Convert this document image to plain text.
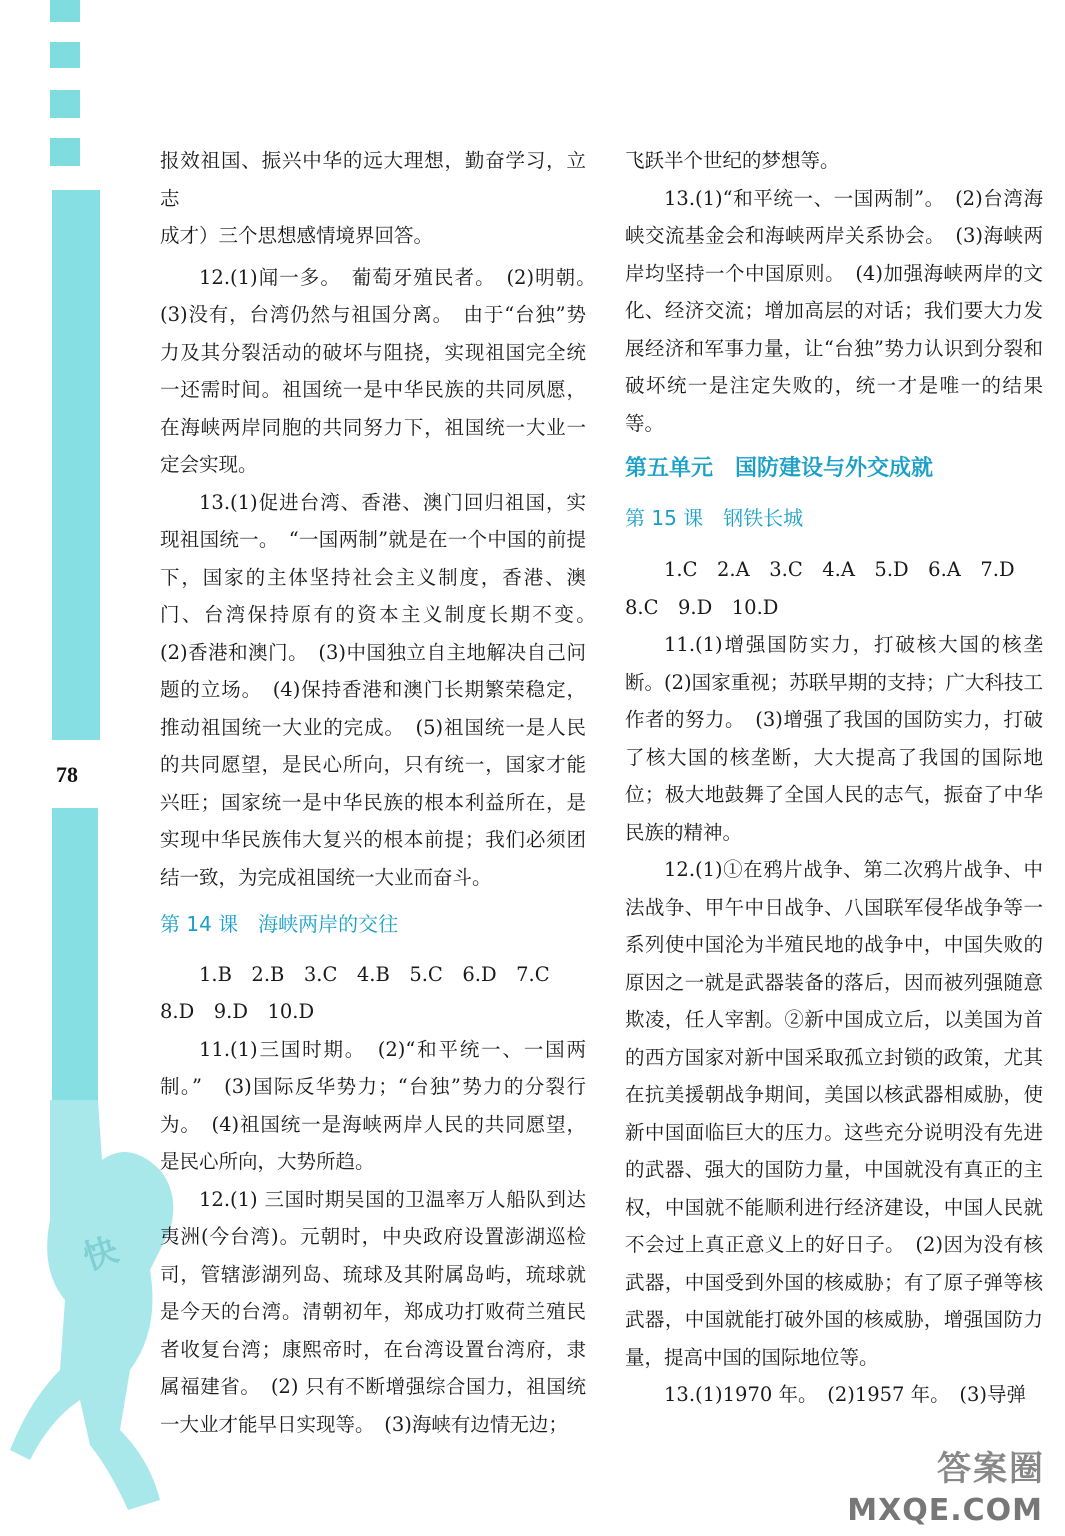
快
78

报效祖国、振兴中华的远大理想，勤奋学习，立志

成才）三个思想感情境界回答。

12.(1)闻一多。　葡萄牙殖民者。　(2)明朝。　(3)没有，台湾仍然与祖国分离。　由于“台独”势力及其分裂活动的破坏与阻挠，实现祖国完全统一还需时间。祖国统一是中华民族的共同夙愿，在海峡两岸同胞的共同努力下，祖国统一大业一定会实现。

13.(1)促进台湾、香港、澳门回归祖国，实现祖国统一。　“一国两制”就是在一个中国的前提下，国家的主体坚持社会主义制度，香港、澳门、台湾保持原有的资本主义制度长期不变。　(2)香港和澳门。　(3)中国独立自主地解决自己问题的立场。　(4)保持香港和澳门长期繁荣稳定，推动祖国统一大业的完成。　(5)祖国统一是人民的共同愿望，是民心所向，只有统一，国家才能兴旺；国家统一是中华民族的根本利益所在，是实现中华民族伟大复兴的根本前提；我们必须团结一致，为完成祖国统一大业而奋斗。

第 14 课　海峡两岸的交往

1.B　2.B　3.C　4.B　5.C　6.D　7.C

8.D　9.D　10.D

11.(1)三国时期。　(2)“和平统一、一国两制。”　(3)国际反华势力；“台独”势力的分裂行为。　(4)祖国统一是海峡两岸人民的共同愿望，是民心所向，大势所趋。

12.(1) 三国时期吴国的卫温率万人船队到达夷洲(今台湾)。元朝时，中央政府设置澎湖巡检司，管辖澎湖列岛、琉球及其附属岛屿，琉球就是今天的台湾。清朝初年，郑成功打败荷兰殖民者收复台湾；康熙帝时，在台湾设置台湾府，隶属福建省。　(2) 只有不断增强综合国力，祖国统一大业才能早日实现等。　(3)海峡有边情无边；

飞跃半个世纪的梦想等。

13.(1)“和平统一、一国两制”。　(2)台湾海峡交流基金会和海峡两岸关系协会。　(3)海峡两岸均坚持一个中国原则。　(4)加强海峡两岸的文化、经济交流；增加高层的对话；我们要大力发展经济和军事力量，让“台独”势力认识到分裂和破坏统一是注定失败的，统一才是唯一的结果等。

第五单元　国防建设与外交成就

第 15 课　钢铁长城

1.C　2.A　3.C　4.A　5.D　6.A　7.D

8.C　9.D　10.D

11.(1)增强国防实力，打破核大国的核垄断。(2)国家重视；苏联早期的支持；广大科技工作者的努力。　(3)增强了我国的国防实力，打破了核大国的核垄断，大大提高了我国的国际地位；极大地鼓舞了全国人民的志气，振奋了中华民族的精神。

12.(1)①在鸦片战争、第二次鸦片战争、中法战争、甲午中日战争、八国联军侵华战争等一系列使中国沦为半殖民地的战争中，中国失败的原因之一就是武器装备的落后，因而被列强随意欺凌，任人宰割。②新中国成立后，以美国为首的西方国家对新中国采取孤立封锁的政策，尤其在抗美援朝战争期间，美国以核武器相威胁，使新中国面临巨大的压力。这些充分说明没有先进的武器、强大的国防力量，中国就没有真正的主权，中国就不能顺利进行经济建设，中国人民就不会过上真正意义上的好日子。　(2)因为没有核武器，中国受到外国的核威胁；有了原子弹等核武器，中国就能打破外国的核威胁，增强国防力量，提高中国的国际地位等。

13.(1)1970 年。　(2)1957 年。　(3)导弹

答案圈
MXQE.COM
